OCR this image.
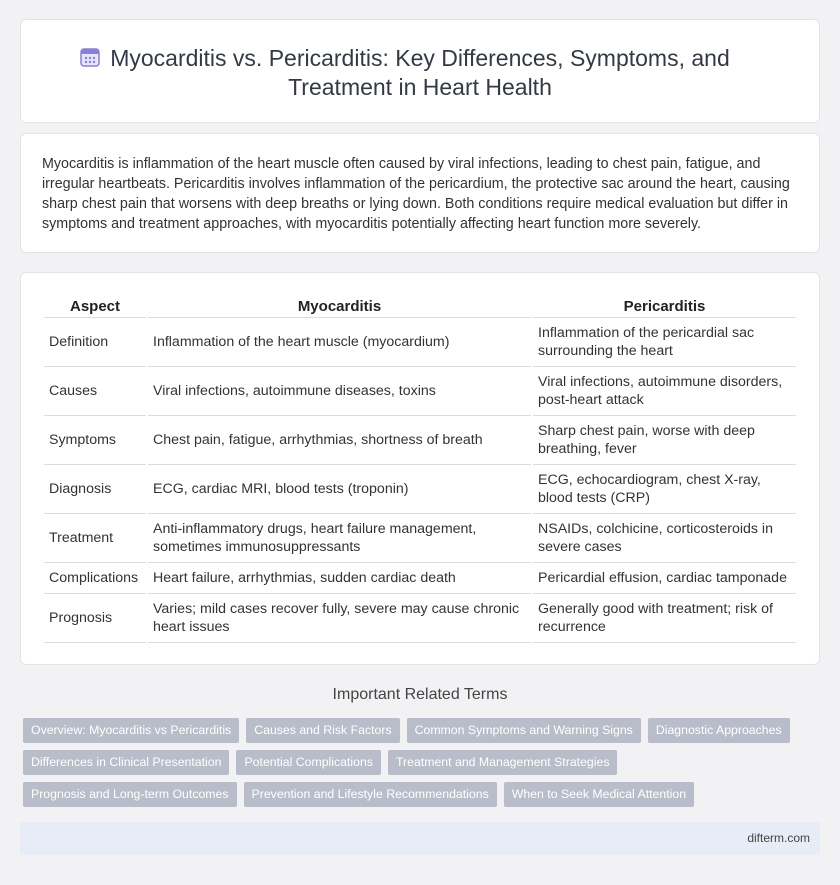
Myocarditis vs. Pericarditis: Key Differences, Symptoms, and Treatment in Heart Health

Myocarditis is inflammation of the heart muscle often caused by viral infections, leading to chest pain, fatigue, and irregular heartbeats. Pericarditis involves inflammation of the pericardium, the protective sac around the heart, causing sharp chest pain that worsens with deep breaths or lying down. Both conditions require medical evaluation but differ in symptoms and treatment approaches, with myocarditis potentially affecting heart function more severely.

Aspect	Myocarditis	Pericarditis
Definition	Inflammation of the heart muscle (myocardium)	Inflammation of the pericardial sac surrounding the heart
Causes	Viral infections, autoimmune diseases, toxins	Viral infections, autoimmune disorders, post-heart attack
Symptoms	Chest pain, fatigue, arrhythmias, shortness of breath	Sharp chest pain, worse with deep breathing, fever
Diagnosis	ECG, cardiac MRI, blood tests (troponin)	ECG, echocardiogram, chest X-ray, blood tests (CRP)
Treatment	Anti-inflammatory drugs, heart failure management, sometimes immunosuppressants	NSAIDs, colchicine, corticosteroids in severe cases
Complications	Heart failure, arrhythmias, sudden cardiac death	Pericardial effusion, cardiac tamponade
Prognosis	Varies; mild cases recover fully, severe may cause chronic heart issues	Generally good with treatment; risk of recurrence
Important Related Terms
Overview: Myocarditis vs Pericarditis	Causes and Risk Factors	Common Symptoms and Warning Signs	Diagnostic Approaches
Differences in Clinical Presentation	Potential Complications	Treatment and Management Strategies
Prognosis and Long-term Outcomes	Prevention and Lifestyle Recommendations	When to Seek Medical Attention
difterm.com
